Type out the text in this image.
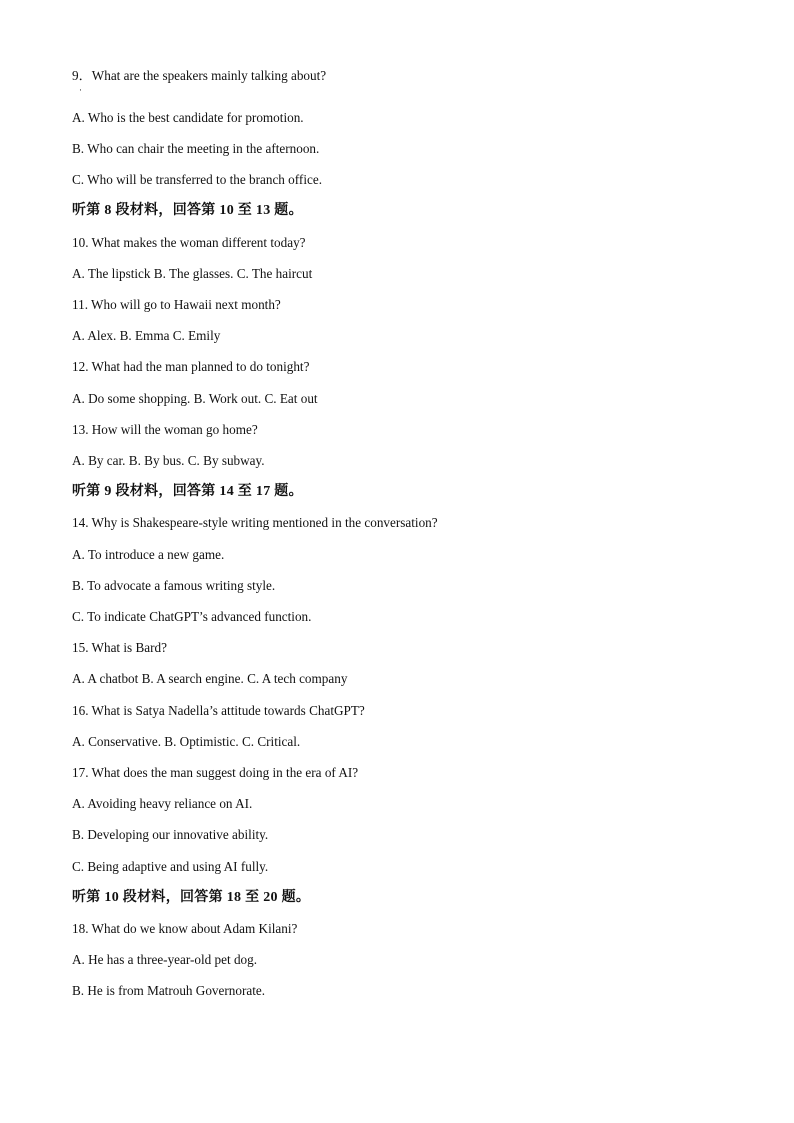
9．What are the speakers mainly talking about?
·
A. Who is the best candidate for promotion.
B. Who can chair the meeting in the afternoon.
C. Who will be transferred to the branch office.
听第 8 段材料，回答第 10 至 13 题。
10. What makes the woman different today?
A. The lipstick B. The glasses. C. The haircut
11. Who will go to Hawaii next month?
A. Alex. B. Emma C. Emily
12. What had the man planned to do tonight?
A. Do some shopping. B. Work out. C. Eat out
13. How will the woman go home?
A. By car. B. By bus. C. By subway.
听第 9 段材料，回答第 14 至 17 题。
14. Why is Shakespeare-style writing mentioned in the conversation?
A. To introduce a new game.
B. To advocate a famous writing style.
C. To indicate ChatGPT’s advanced function.
15. What is Bard?
A. A chatbot B. A search engine. C. A tech company
16. What is Satya Nadella’s attitude towards ChatGPT?
A. Conservative. B. Optimistic. C. Critical.
17. What does the man suggest doing in the era of AI?
A. Avoiding heavy reliance on AI.
B. Developing our innovative ability.
C. Being adaptive and using AI fully.
听第 10 段材料，回答第 18 至 20 题。
18. What do we know about Adam Kilani?
A. He has a three-year-old pet dog.
B. He is from Matrouh Governorate.
